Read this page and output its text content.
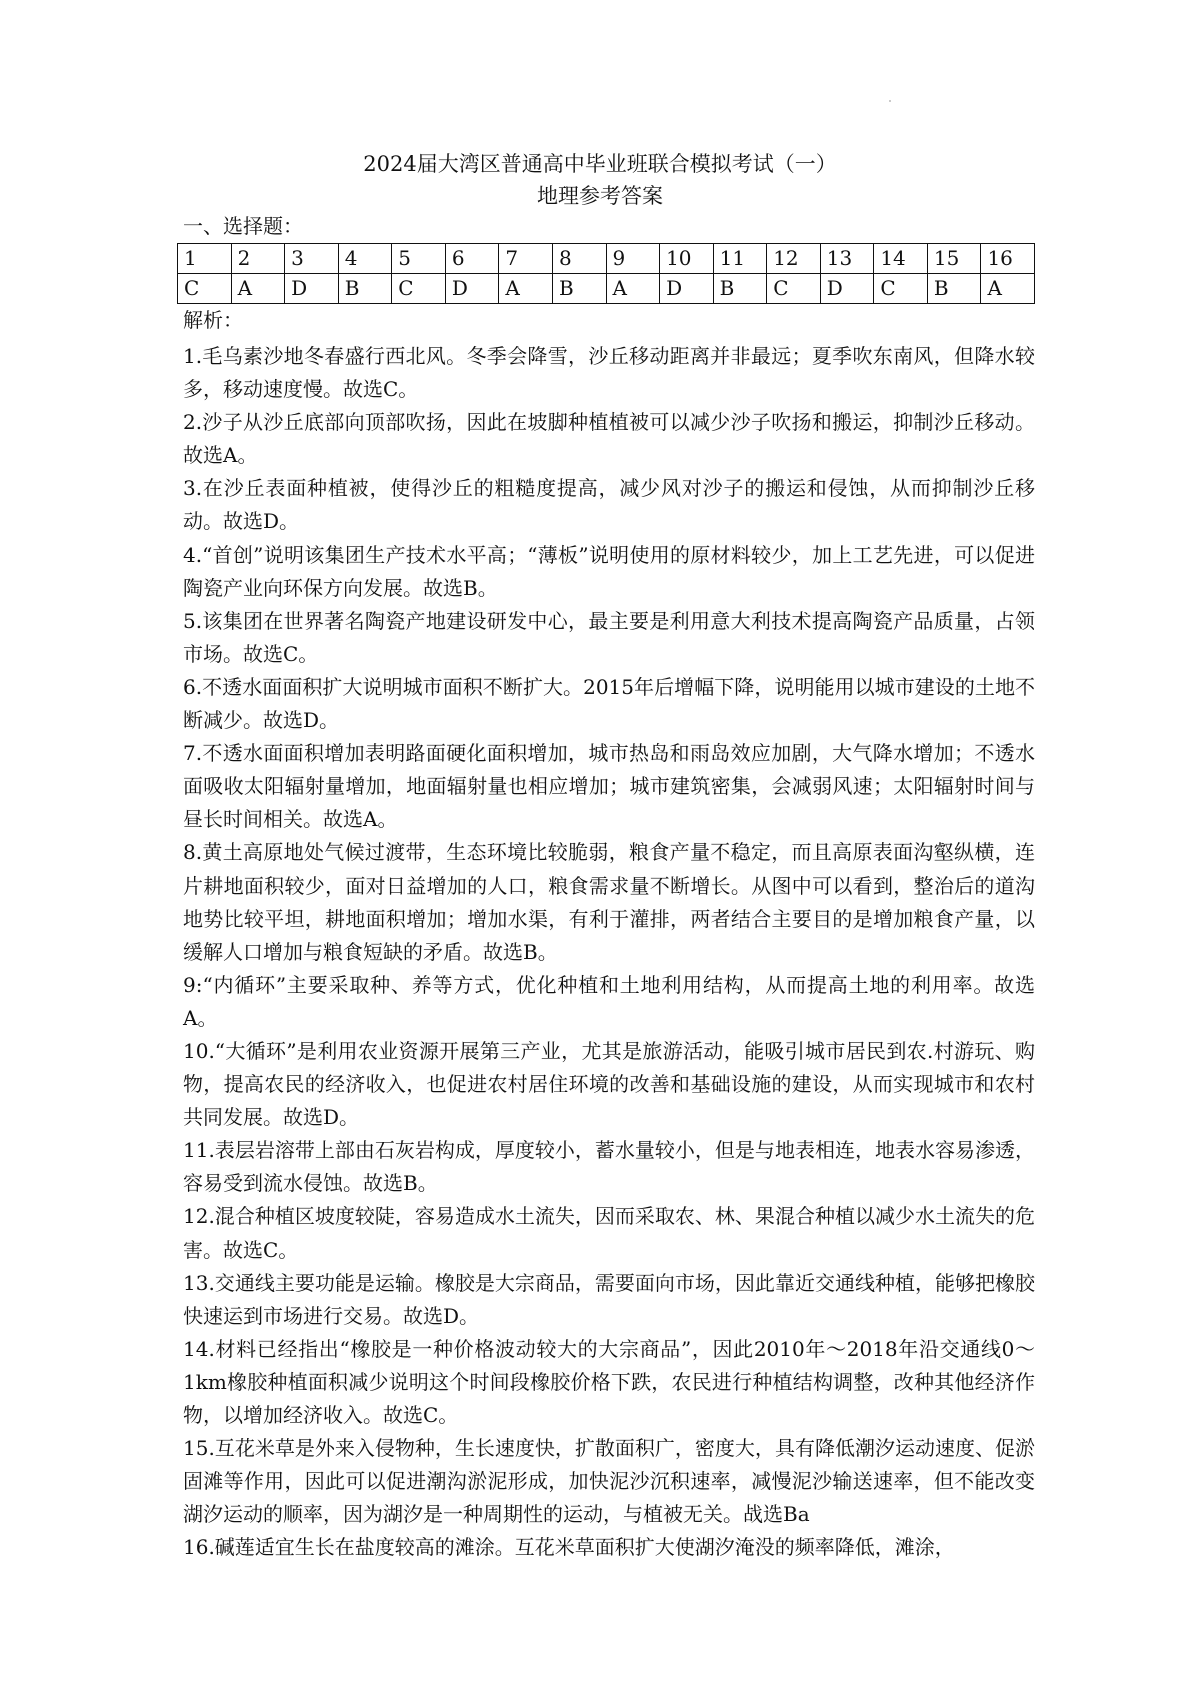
2024届大湾区普通高中毕业班联合模拟考试（一）
地理参考答案
一、选择题：
1	2	3	4	5	6	7	8	9	10	11	12	13	14	15	16
C	A	D	B	C	D	A	B	A	D	B	C	D	C	B	A
解析：

1.毛乌素沙地冬春盛行西北风。冬季会降雪，沙丘移动距离并非最远；夏季吹东南风，但降水较多，移动速度慢。故选C。

2.沙子从沙丘底部向顶部吹扬，因此在坡脚种植植被可以减少沙子吹扬和搬运，抑制沙丘移动。故选A。

3.在沙丘表面种植被，使得沙丘的粗糙度提高，减少风对沙子的搬运和侵蚀，从而抑制沙丘移动。故选D。

4.“首创”说明该集团生产技术水平高；“薄板”说明使用的原材料较少，加上工艺先进，可以促进陶瓷产业向环保方向发展。故选B。

5.该集团在世界著名陶瓷产地建设研发中心，最主要是利用意大利技术提高陶瓷产品质量，占领市场。故选C。

6.不透水面面积扩大说明城市面积不断扩大。2015年后增幅下降，说明能用以城市建设的土地不断减少。故选D。

7.不透水面面积增加表明路面硬化面积增加，城市热岛和雨岛效应加剧，大气降水增加；不透水面吸收太阳辐射量增加，地面辐射量也相应增加；城市建筑密集，会减弱风速；太阳辐射时间与昼长时间相关。故选A。

8.黄土高原地处气候过渡带，生态环境比较脆弱，粮食产量不稳定，而且高原表面沟壑纵横，连片耕地面积较少，面对日益增加的人口，粮食需求量不断增长。从图中可以看到，整治后的道沟地势比较平坦，耕地面积增加；增加水渠，有利于灌排，两者结合主要目的是增加粮食产量，以缓解人口增加与粮食短缺的矛盾。故选B。

9:“内循环”主要采取种、养等方式，优化种植和土地利用结构，从而提高土地的利用率。故选A。

10.“大循环”是利用农业资源开展第三产业，尤其是旅游活动，能吸引城市居民到农.村游玩、购物，提高农民的经济收入，也促进农村居住环境的改善和基础设施的建设，从而实现城市和农村共同发展。故选D。

11.表层岩溶带上部由石灰岩构成，厚度较小，蓄水量较小，但是与地表相连，地表水容易渗透，容易受到流水侵蚀。故选B。

12.混合种植区坡度较陡，容易造成水土流失，因而采取农、林、果混合种植以减少水土流失的危害。故选C。

13.交通线主要功能是运输。橡胶是大宗商品，需要面向市场，因此靠近交通线种植，能够把橡胶快速运到市场进行交易。故选D。

14.材料已经指出“橡胶是一种价格波动较大的大宗商品”，因此2010年～2018年沿交通线0～1km橡胶种植面积减少说明这个时间段橡胶价格下跌，农民进行种植结构调整，改种其他经济作物，以增加经济收入。故选C。

15.互花米草是外来入侵物种，生长速度快，扩散面积广，密度大，具有降低潮汐运动速度、促淤固滩等作用，因此可以促进潮沟淤泥形成，加快泥沙沉积速率，减慢泥沙输送速率，但不能改变湖汐运动的顺率，因为湖汐是一种周期性的运动，与植被无关。战选Ba

16.碱莲适宜生长在盐度较高的滩涂。互花米草面积扩大使湖汐淹没的频率降低，滩涂，
